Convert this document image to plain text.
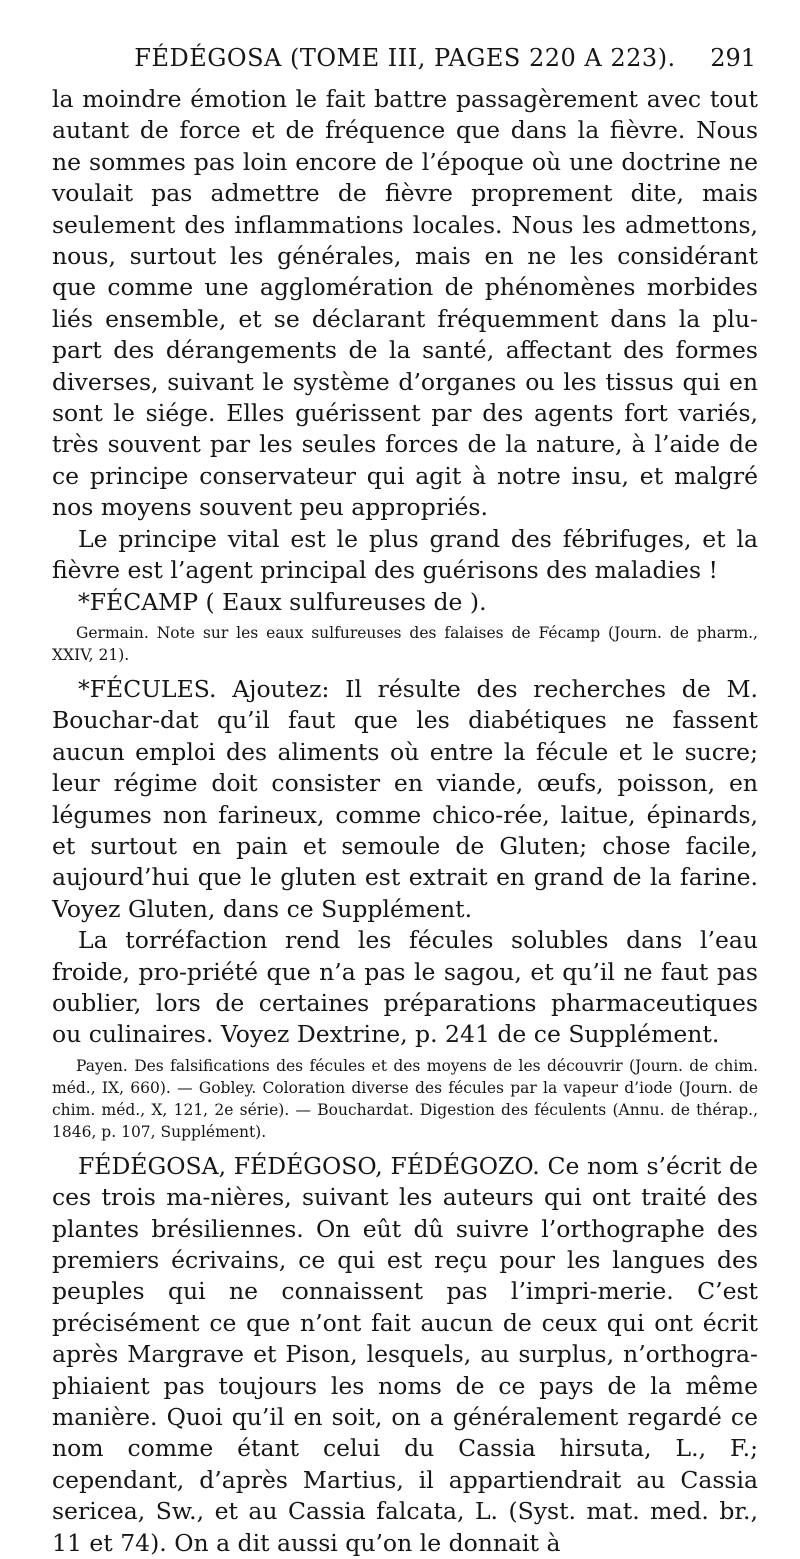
FÉDÉGOSA (TOME III, PAGES 220 A 223).	291

la moindre émotion le fait battre passagèrement avec tout autant de force et de fréquence que dans la fièvre. Nous ne sommes pas loin encore de l’époque où une doctrine ne voulait pas admettre de fièvre proprement dite, mais seulement des inflammations locales. Nous les admettons, nous, surtout les générales, mais en ne les considérant que comme une agglomération de phénomènes morbides liés ensemble, et se déclarant fréquemment dans la plu-part des dérangements de la santé, affectant des formes diverses, suivant le système d’organes ou les tissus qui en sont le siége. Elles guérissent par des agents fort variés, très souvent par les seules forces de la nature, à l’aide de ce principe conservateur qui agit à notre insu, et malgré nos moyens souvent peu appropriés.

Le principe vital est le plus grand des fébrifuges, et la fièvre est l’agent principal des guérisons des maladies !

*FÉCAMP ( Eaux sulfureuses de ).

Germain. Note sur les eaux sulfureuses des falaises de Fécamp (Journ. de pharm., XXIV, 21).

*FÉCULES. Ajoutez: Il résulte des recherches de M. Bouchar-dat qu’il faut que les diabétiques ne fassent aucun emploi des aliments où entre la fécule et le sucre; leur régime doit consister en viande, œufs, poisson, en légumes non farineux, comme chico-rée, laitue, épinards, et surtout en pain et semoule de Gluten; chose facile, aujourd’hui que le gluten est extrait en grand de la farine. Voyez Gluten, dans ce Supplément.

La torréfaction rend les fécules solubles dans l’eau froide, pro-priété que n’a pas le sagou, et qu’il ne faut pas oublier, lors de certaines préparations pharmaceutiques ou culinaires. Voyez Dextrine, p. 241 de ce Supplément.

Payen. Des falsifications des fécules et des moyens de les découvrir (Journ. de chim. méd., IX, 660). — Gobley. Coloration diverse des fécules par la vapeur d’iode (Journ. de chim. méd., X, 121, 2e série). — Bouchardat. Digestion des féculents (Annu. de thérap., 1846, p. 107, Supplément).

FÉDÉGOSA, FÉDÉGOSO, FÉDÉGOZO. Ce nom s’écrit de ces trois ma-nières, suivant les auteurs qui ont traité des plantes brésiliennes. On eût dû suivre l’orthographe des premiers écrivains, ce qui est reçu pour les langues des peuples qui ne connaissent pas l’impri-merie. C’est précisément ce que n’ont fait aucun de ceux qui ont écrit après Margrave et Pison, lesquels, au surplus, n’orthogra-phiaient pas toujours les noms de ce pays de la même manière. Quoi qu’il en soit, on a généralement regardé ce nom comme étant celui du Cassia hirsuta, L., F.; cependant, d’après Martius, il appartiendrait au Cassia sericea, Sw., et au Cassia falcata, L. (Syst. mat. med. br., 11 et 74). On a dit aussi qu’on le donnait à
